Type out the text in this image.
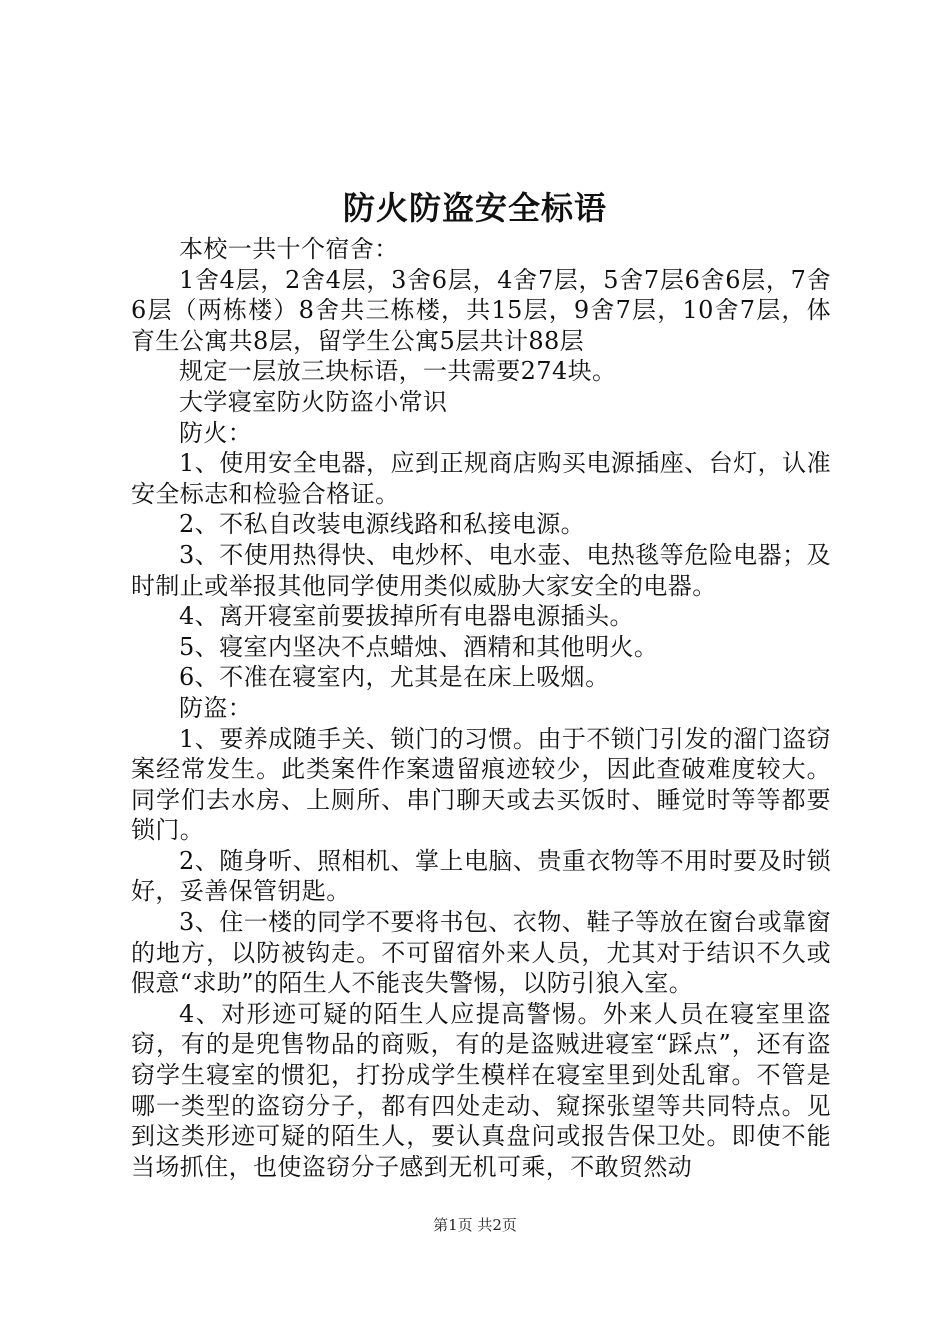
防火防盗安全标语

本校一共十个宿舍：

1舍4层，2舍4层，3舍6层，4舍7层，5舍7层6舍6层，7舍6层（两栋楼）8舍共三栋楼，共15层，9舍7层，10舍7层，体育生公寓共8层，留学生公寓5层共计88层

规定一层放三块标语，一共需要274块。

大学寝室防火防盗小常识

防火：

1、使用安全电器，应到正规商店购买电源插座、台灯，认准安全标志和检验合格证。

2、不私自改装电源线路和私接电源。

3、不使用热得快、电炒杯、电水壶、电热毯等危险电器；及时制止或举报其他同学使用类似威胁大家安全的电器。

4、离开寝室前要拔掉所有电器电源插头。

5、寝室内坚决不点蜡烛、酒精和其他明火。

6、不准在寝室内，尤其是在床上吸烟。

防盗：

1、要养成随手关、锁门的习惯。由于不锁门引发的溜门盗窃案经常发生。此类案件作案遗留痕迹较少，因此查破难度较大。同学们去水房、上厕所、串门聊天或去买饭时、睡觉时等等都要锁门。

2、随身听、照相机、掌上电脑、贵重衣物等不用时要及时锁好，妥善保管钥匙。

3、住一楼的同学不要将书包、衣物、鞋子等放在窗台或靠窗的地方，以防被钩走。不可留宿外来人员，尤其对于结识不久或假意“求助”的陌生人不能丧失警惕，以防引狼入室。

4、对形迹可疑的陌生人应提高警惕。外来人员在寝室里盗窃，有的是兜售物品的商贩，有的是盗贼进寝室“踩点”，还有盗窃学生寝室的惯犯，打扮成学生模样在寝室里到处乱窜。不管是哪一类型的盗窃分子，都有四处走动、窥探张望等共同特点。见到这类形迹可疑的陌生人，要认真盘问或报告保卫处。即使不能当场抓住，也使盗窃分子感到无机可乘，不敢贸然动

第1页 共2页
